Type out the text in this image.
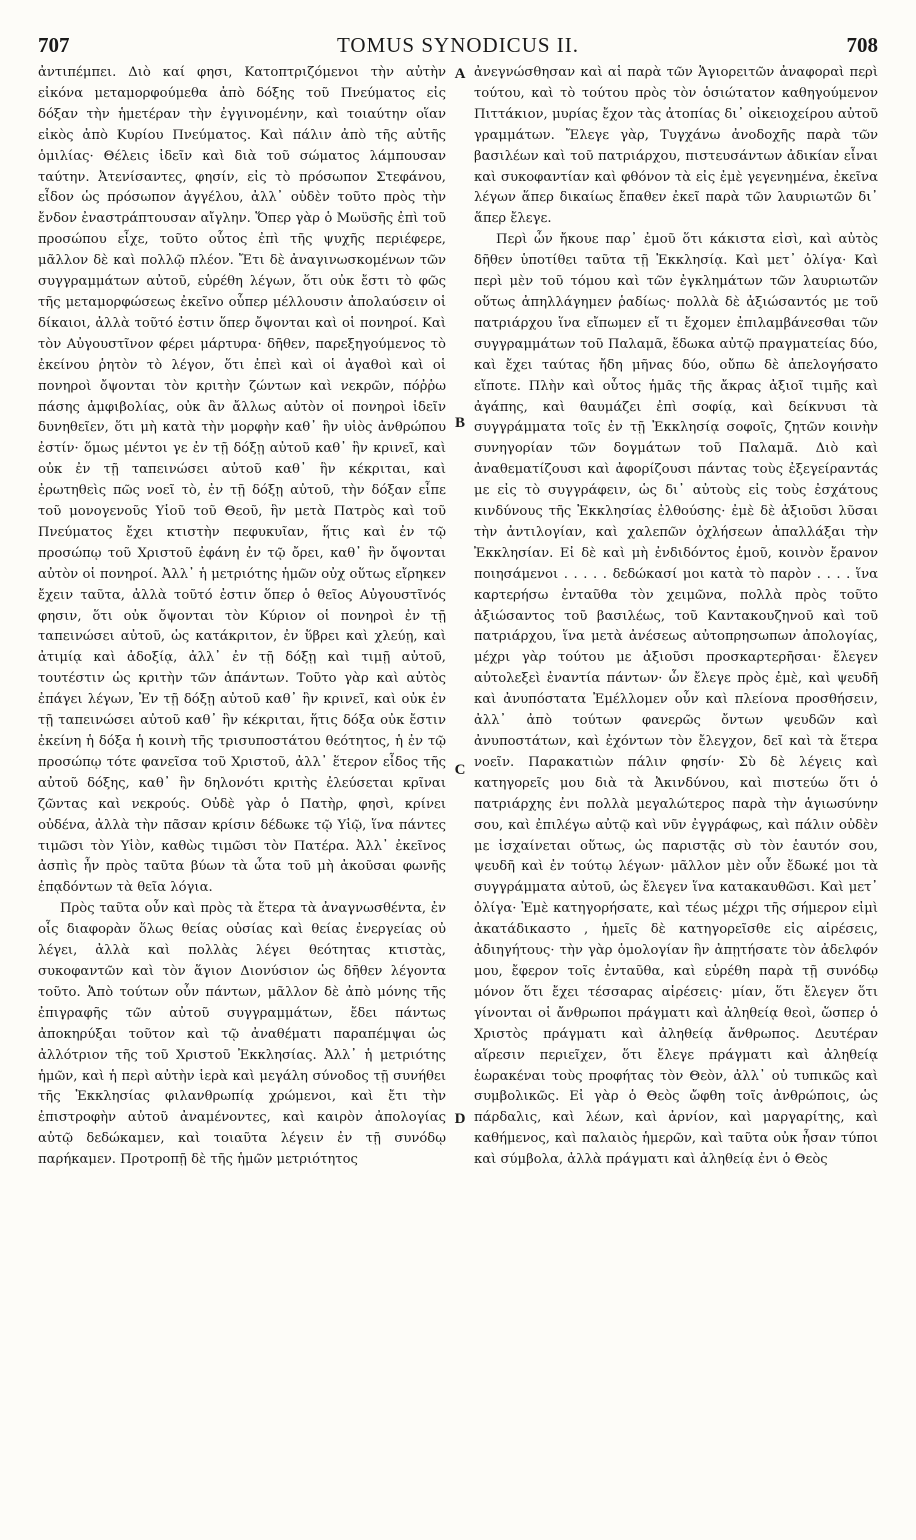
707	TOMUS SYNODICUS II.	708

ἀντιπέμπει. Διὸ καί φησι, Κατοπτριζόμενοι τὴν αὐτὴν εἰκόνα μεταμορφούμεθα ἀπὸ δόξης τοῦ Πνεύματος εἰς δόξαν τὴν ἡμετέραν τὴν ἐγγινομένην, καὶ τοιαύτην οἵαν εἰκὸς ἀπὸ Κυρίου Πνεύματος. Καὶ πάλιν ἀπὸ τῆς αὐτῆς ὁμιλίας· Θέλεις ἰδεῖν καὶ διὰ τοῦ σώματος λάμπουσαν ταύτην. Ἀτενίσαντες, φησίν, εἰς τὸ πρόσωπον Στεφάνου, εἶδον ὡς πρόσωπον ἀγγέλου, ἀλλ᾽ οὐδὲν τοῦτο πρὸς τὴν ἔνδον ἐναστράπτουσαν αἴγλην. Ὅπερ γὰρ ὁ Μωϋσῆς ἐπὶ τοῦ προσώπου εἶχε, τοῦτο οὗτος ἐπὶ τῆς ψυχῆς περιέφερε, μᾶλλον δὲ καὶ πολλῷ πλέον. Ἔτι δὲ ἀναγινωσκομένων τῶν συγγραμμάτων αὐτοῦ, εὑρέθη λέγων, ὅτι οὐκ ἔστι τὸ φῶς τῆς μεταμορφώσεως ἐκεῖνο οὗπερ μέλλουσιν ἀπολαύσειν οἱ δίκαιοι, ἀλλὰ τοῦτό ἐστιν ὅπερ ὄψονται καὶ οἱ πονηροί. Καὶ τὸν Αὐγουστῖνον φέρει μάρτυρα· δῆθεν, παρεξηγούμενος τὸ ἐκείνου ῥητὸν τὸ λέγον, ὅτι ἐπεὶ καὶ οἱ ἀγαθοὶ καὶ οἱ πονηροὶ ὄψονται τὸν κριτὴν ζώντων καὶ νεκρῶν, πόῤῥω πάσης ἀμφιβολίας, οὐκ ἂν ἄλλως αὐτὸν οἱ πονηροὶ ἰδεῖν δυνηθεῖεν, ὅτι μὴ κατὰ τὴν μορφὴν καθ᾽ ἣν υἱὸς ἀνθρώπου ἐστίν· ὅμως μέντοι γε ἐν τῇ δόξῃ αὐτοῦ καθ᾽ ἣν κρινεῖ, καὶ οὐκ ἐν τῇ ταπεινώσει αὐτοῦ καθ᾽ ἣν κέκριται, καὶ ἐρωτηθεὶς πῶς νοεῖ τὸ, ἐν τῇ δόξῃ αὐτοῦ, τὴν δόξαν εἶπε τοῦ μονογενοῦς Υἱοῦ τοῦ Θεοῦ, ἣν μετὰ Πατρὸς καὶ τοῦ Πνεύματος ἔχει κτιστὴν πεφυκυῖαν, ἥτις καὶ ἐν τῷ προσώπῳ τοῦ Χριστοῦ ἐφάνη ἐν τῷ ὄρει, καθ᾽ ἣν ὄψονται αὐτὸν οἱ πονηροί. Ἀλλ᾽ ἡ μετριότης ἡμῶν οὐχ οὕτως εἴρηκεν ἔχειν ταῦτα, ἀλλὰ τοῦτό ἐστιν ὅπερ ὁ θεῖος Αὐγουστῖνός φησιν, ὅτι οὐκ ὄψονται τὸν Κύριον οἱ πονηροὶ ἐν τῇ ταπεινώσει αὐτοῦ, ὡς κατάκριτον, ἐν ὕβρει καὶ χλεύῃ, καὶ ἀτιμίᾳ καὶ ἀδοξίᾳ, ἀλλ᾽ ἐν τῇ δόξῃ καὶ τιμῇ αὐτοῦ, τουτέστιν ὡς κριτὴν τῶν ἁπάντων. Τοῦτο γὰρ καὶ αὐτὸς ἐπάγει λέγων, Ἐν τῇ δόξῃ αὐτοῦ καθ᾽ ἣν κρινεῖ, καὶ οὐκ ἐν τῇ ταπεινώσει αὐτοῦ καθ᾽ ἣν κέκριται, ἥτις δόξα οὐκ ἔστιν ἐκείνη ἡ δόξα ἡ κοινὴ τῆς τρισυποστάτου θεότητος, ἡ ἐν τῷ προσώπῳ τότε φανεῖσα τοῦ Χριστοῦ, ἀλλ᾽ ἕτερον εἶδος τῆς αὐτοῦ δόξης, καθ᾽ ἣν δηλονότι κριτὴς ἐλεύσεται κρῖναι ζῶντας καὶ νεκρούς. Οὐδὲ γὰρ ὁ Πατὴρ, φησὶ, κρίνει οὐδένα, ἀλλὰ τὴν πᾶσαν κρίσιν δέδωκε τῷ Υἱῷ, ἵνα πάντες τιμῶσι τὸν Υἱὸν, καθὼς τιμῶσι τὸν Πατέρα. Ἀλλ᾽ ἐκεῖνος ἀσπὶς ἦν πρὸς ταῦτα βύων τὰ ὦτα τοῦ μὴ ἀκοῦσαι φωνῆς ἐπᾳδόντων τὰ θεῖα λόγια.

Πρὸς ταῦτα οὖν καὶ πρὸς τὰ ἕτερα τὰ ἀναγνωσθέντα, ἐν οἷς διαφορὰν ὅλως θείας οὐσίας καὶ θείας ἐνεργείας οὐ λέγει, ἀλλὰ καὶ πολλὰς λέγει θεότητας κτιστὰς, συκοφαντῶν καὶ τὸν ἅγιον Διονύσιον ὡς δῆθεν λέγοντα τοῦτο. Ἀπὸ τούτων οὖν πάντων, μᾶλλον δὲ ἀπὸ μόνης τῆς ἐπιγραφῆς τῶν αὐτοῦ συγγραμμάτων, ἔδει πάντως ἀποκηρύξαι τοῦτον καὶ τῷ ἀναθέματι παραπέμψαι ὡς ἀλλότριον τῆς τοῦ Χριστοῦ Ἐκκλησίας. Ἀλλ᾽ ἡ μετριότης ἡμῶν, καὶ ἡ περὶ αὐτὴν ἱερὰ καὶ μεγάλη σύνοδος τῇ συνήθει τῆς Ἐκκλησίας φιλανθρωπίᾳ χρώμενοι, καὶ ἔτι τὴν ἐπιστροφὴν αὐτοῦ ἀναμένοντες, καὶ καιρὸν ἀπολογίας αὐτῷ δεδώκαμεν, καὶ τοιαῦτα λέγειν ἐν τῇ συνόδῳ παρήκαμεν. Προτροπῇ δὲ τῆς ἡμῶν μετριότητος

A
B
C
D

ἀνεγνώσθησαν καὶ αἱ παρὰ τῶν Ἁγιορειτῶν ἀναφοραὶ περὶ τούτου, καὶ τὸ τούτου πρὸς τὸν ὁσιώτατον καθηγούμενον Πιττάκιον, μυρίας ἔχον τὰς ἀτοπίας δι᾽ οἰκειοχείρου αὐτοῦ γραμμάτων. Ἔλεγε γὰρ, Τυγχάνω ἀνοδοχῆς παρὰ τῶν βασιλέων καὶ τοῦ πατριάρχου, πιστευσάντων ἀδικίαν εἶναι καὶ συκοφαντίαν καὶ φθόνον τὰ εἰς ἐμὲ γεγενημένα, ἐκεῖνα λέγων ἅπερ δικαίως ἔπαθεν ἐκεῖ παρὰ τῶν λαυριωτῶν δι᾽ ἅπερ ἔλεγε.

Περὶ ὧν ἤκουε παρ᾽ ἐμοῦ ὅτι κάκιστα εἰσὶ, καὶ αὐτὸς δῆθεν ὑποτίθει ταῦτα τῇ Ἐκκλησίᾳ. Καὶ μετ᾽ ὀλίγα· Καὶ περὶ μὲν τοῦ τόμου καὶ τῶν ἐγκλημάτων τῶν λαυριωτῶν οὕτως ἀπηλλάγημεν ῥαδίως· πολλὰ δὲ ἀξιώσαντός με τοῦ πατριάρχου ἵνα εἴπωμεν εἴ τι ἔχομεν ἐπιλαμβάνεσθαι τῶν συγγραμμάτων τοῦ Παλαμᾶ, ἔδωκα αὐτῷ πραγματείας δύο, καὶ ἔχει ταύτας ἤδη μῆνας δύο, οὔπω δὲ ἀπελογήσατο εἴποτε. Πλὴν καὶ οὗτος ἡμᾶς τῆς ἄκρας ἀξιοῖ τιμῆς καὶ ἀγάπης, καὶ θαυμάζει ἐπὶ σοφίᾳ, καὶ δείκνυσι τὰ συγγράμματα τοῖς ἐν τῇ Ἐκκλησίᾳ σοφοῖς, ζητῶν κοινὴν συνηγορίαν τῶν δογμάτων τοῦ Παλαμᾶ. Διὸ καὶ ἀναθεματίζουσι καὶ ἀφορίζουσι πάντας τοὺς ἐξεγείραντάς με εἰς τὸ συγγράφειν, ὡς δι᾽ αὐτοὺς εἰς τοὺς ἐσχάτους κινδύνους τῆς Ἐκκλησίας ἐλθούσης· ἐμὲ δὲ ἀξιοῦσι λῦσαι τὴν ἀντιλογίαν, καὶ χαλεπῶν ὀχλήσεων ἀπαλλάξαι τὴν Ἐκκλησίαν. Εἰ δὲ καὶ μὴ ἐνδιδόντος ἐμοῦ, κοινὸν ἔρανον ποιησάμενοι . . . . . δεδώκασί μοι κατὰ τὸ παρὸν . . . . ἵνα καρτερήσω ἐνταῦθα τὸν χειμῶνα, πολλὰ πρὸς τοῦτο ἀξιώσαντος τοῦ βασιλέως, τοῦ Καντακουζηνοῦ καὶ τοῦ πατριάρχου, ἵνα μετὰ ἀνέσεως αὐτοπρησωπων ἀπολογίας, μέχρι γὰρ τούτου με ἀξιοῦσι προσκαρτερῆσαι· ἔλεγεν αὐτολεξεὶ ἐναντία πάντων· ὧν ἔλεγε πρὸς ἐμὲ, καὶ ψευδῆ καὶ ἀνυπόστατα Ἐμέλλομεν οὖν καὶ πλείονα προσθήσειν, ἀλλ᾽ ἀπὸ τούτων φανερῶς ὄντων ψευδῶν καὶ ἀνυποστάτων, καὶ ἐχόντων τὸν ἔλεγχον, δεῖ καὶ τὰ ἕτερα νοεῖν. Παρακατιὼν πάλιν φησίν· Σὺ δὲ λέγεις καὶ κατηγορεῖς μου διὰ τὰ Ἀκινδύνου, καὶ πιστεύω ὅτι ὁ πατριάρχης ἐνι πολλὰ μεγαλώτερος παρὰ τὴν ἁγιωσύνην σου, καὶ ἐπιλέγω αὐτῷ καὶ νῦν ἐγγράφως, καὶ πάλιν οὐδὲν με ἰσχαίνεται οὕτως, ὡς παριστᾷς σὺ τὸν ἑαυτόν σου, ψευδῆ καὶ ἐν τούτῳ λέγων· μᾶλλον μὲν οὖν ἔδωκέ μοι τὰ συγγράμματα αὐτοῦ, ὡς ἔλεγεν ἵνα κατακαυθῶσι. Καὶ μετ᾽ ὀλίγα· Ἐμὲ κατηγορήσατε, καὶ τέως μέχρι τῆς σήμερον εἰμὶ ἀκατάδικαστο , ἡμεῖς δὲ κατηγορεῖσθε εἰς αἱρέσεις, ἀδιηγήτους· τὴν γὰρ ὁμολογίαν ἣν ἀπῃτήσατε τὸν ἀδελφόν μου, ἔφερον τοῖς ἐνταῦθα, καὶ εὑρέθη παρὰ τῇ συνόδῳ μόνον ὅτι ἔχει τέσσαρας αἱρέσεις· μίαν, ὅτι ἔλεγεν ὅτι γίνονται οἱ ἄνθρωποι πράγματι καὶ ἀληθείᾳ θεοὶ, ὥσπερ ὁ Χριστὸς πράγματι καὶ ἀληθείᾳ ἄνθρωπος. Δευτέραν αἵρεσιν περιεῖχεν, ὅτι ἔλεγε πράγματι καὶ ἀληθείᾳ ἑωρακέναι τοὺς προφήτας τὸν Θεὸν, ἀλλ᾽ οὐ τυπικῶς καὶ συμβολικῶς. Εἰ γὰρ ὁ Θεὸς ὤφθη τοῖς ἀνθρώποις, ὡς πάρδαλις, καὶ λέων, καὶ ἀρνίον, καὶ μαργαρίτης, καὶ καθήμενος, καὶ παλαιὸς ἡμερῶν, καὶ ταῦτα οὐκ ἦσαν τύποι καὶ σύμβολα, ἀλλὰ πράγματι καὶ ἀληθείᾳ ἐνι ὁ Θεὸς
